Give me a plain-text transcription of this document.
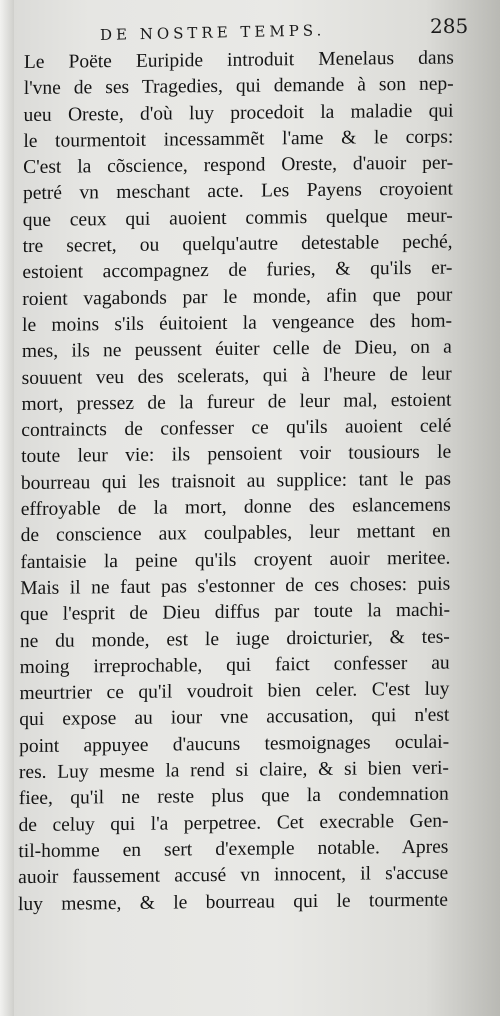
DE NOSTRE TEMPS.	285
Le Poëte Euripide introduit Menelaus dans
l'vne de ses Tragedies, qui demande à son nep-
ueu Oreste, d'où luy procedoit la maladie qui
le tourmentoit incessammẽt l'ame & le corps:
C'est la cõscience, respond Oreste, d'auoir per-
petré vn meschant acte. Les Payens croyoient
que ceux qui auoient commis quelque meur-
tre secret, ou quelqu'autre detestable peché,
estoient accompagnez de furies, & qu'ils er-
roient vagabonds par le monde, afin que pour
le moins s'ils éuitoient la vengeance des hom-
mes, ils ne peussent éuiter celle de Dieu, on a
souuent veu des scelerats, qui à l'heure de leur
mort, pressez de la fureur de leur mal, estoient
contraincts de confesser ce qu'ils auoient celé
toute leur vie: ils pensoient voir tousiours le
bourreau qui les traisnoit au supplice: tant le pas
effroyable de la mort, donne des eslancemens
de conscience aux coulpables, leur mettant en
fantaisie la peine qu'ils croyent auoir meritee.
Mais il ne faut pas s'estonner de ces choses: puis
que l'esprit de Dieu diffus par toute la machi-
ne du monde, est le iuge droicturier, & tes-
moing irreprochable, qui faict confesser au
meurtrier ce qu'il voudroit bien celer. C'est luy
qui expose au iour vne accusation, qui n'est
point appuyee d'aucuns tesmoignages oculai-
res. Luy mesme la rend si claire, & si bien veri-
fiee, qu'il ne reste plus que la condemnation
de celuy qui l'a perpetree. Cet execrable Gen-
til-homme en sert d'exemple notable. Apres
auoir faussement accusé vn innocent, il s'accuse
luy mesme, & le bourreau qui le tourmente
